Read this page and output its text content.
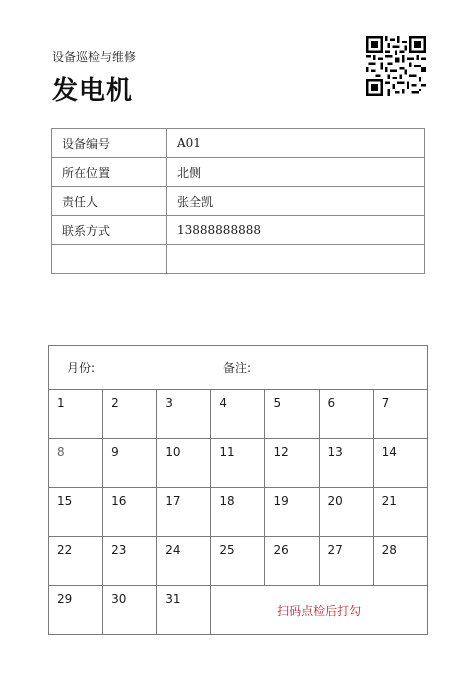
设备巡检与维修
发电机
设备编号	A01
所在位置	北侧
责任人	张全凯
联系方式	13888888888

月份: 备注:						
1	2	3	4	5	6	7
8	9	10	11	12	13	14
15	16	17	18	19	20	21
22	23	24	25	26	27	28
29	30	31	扫码点检后打勾			
